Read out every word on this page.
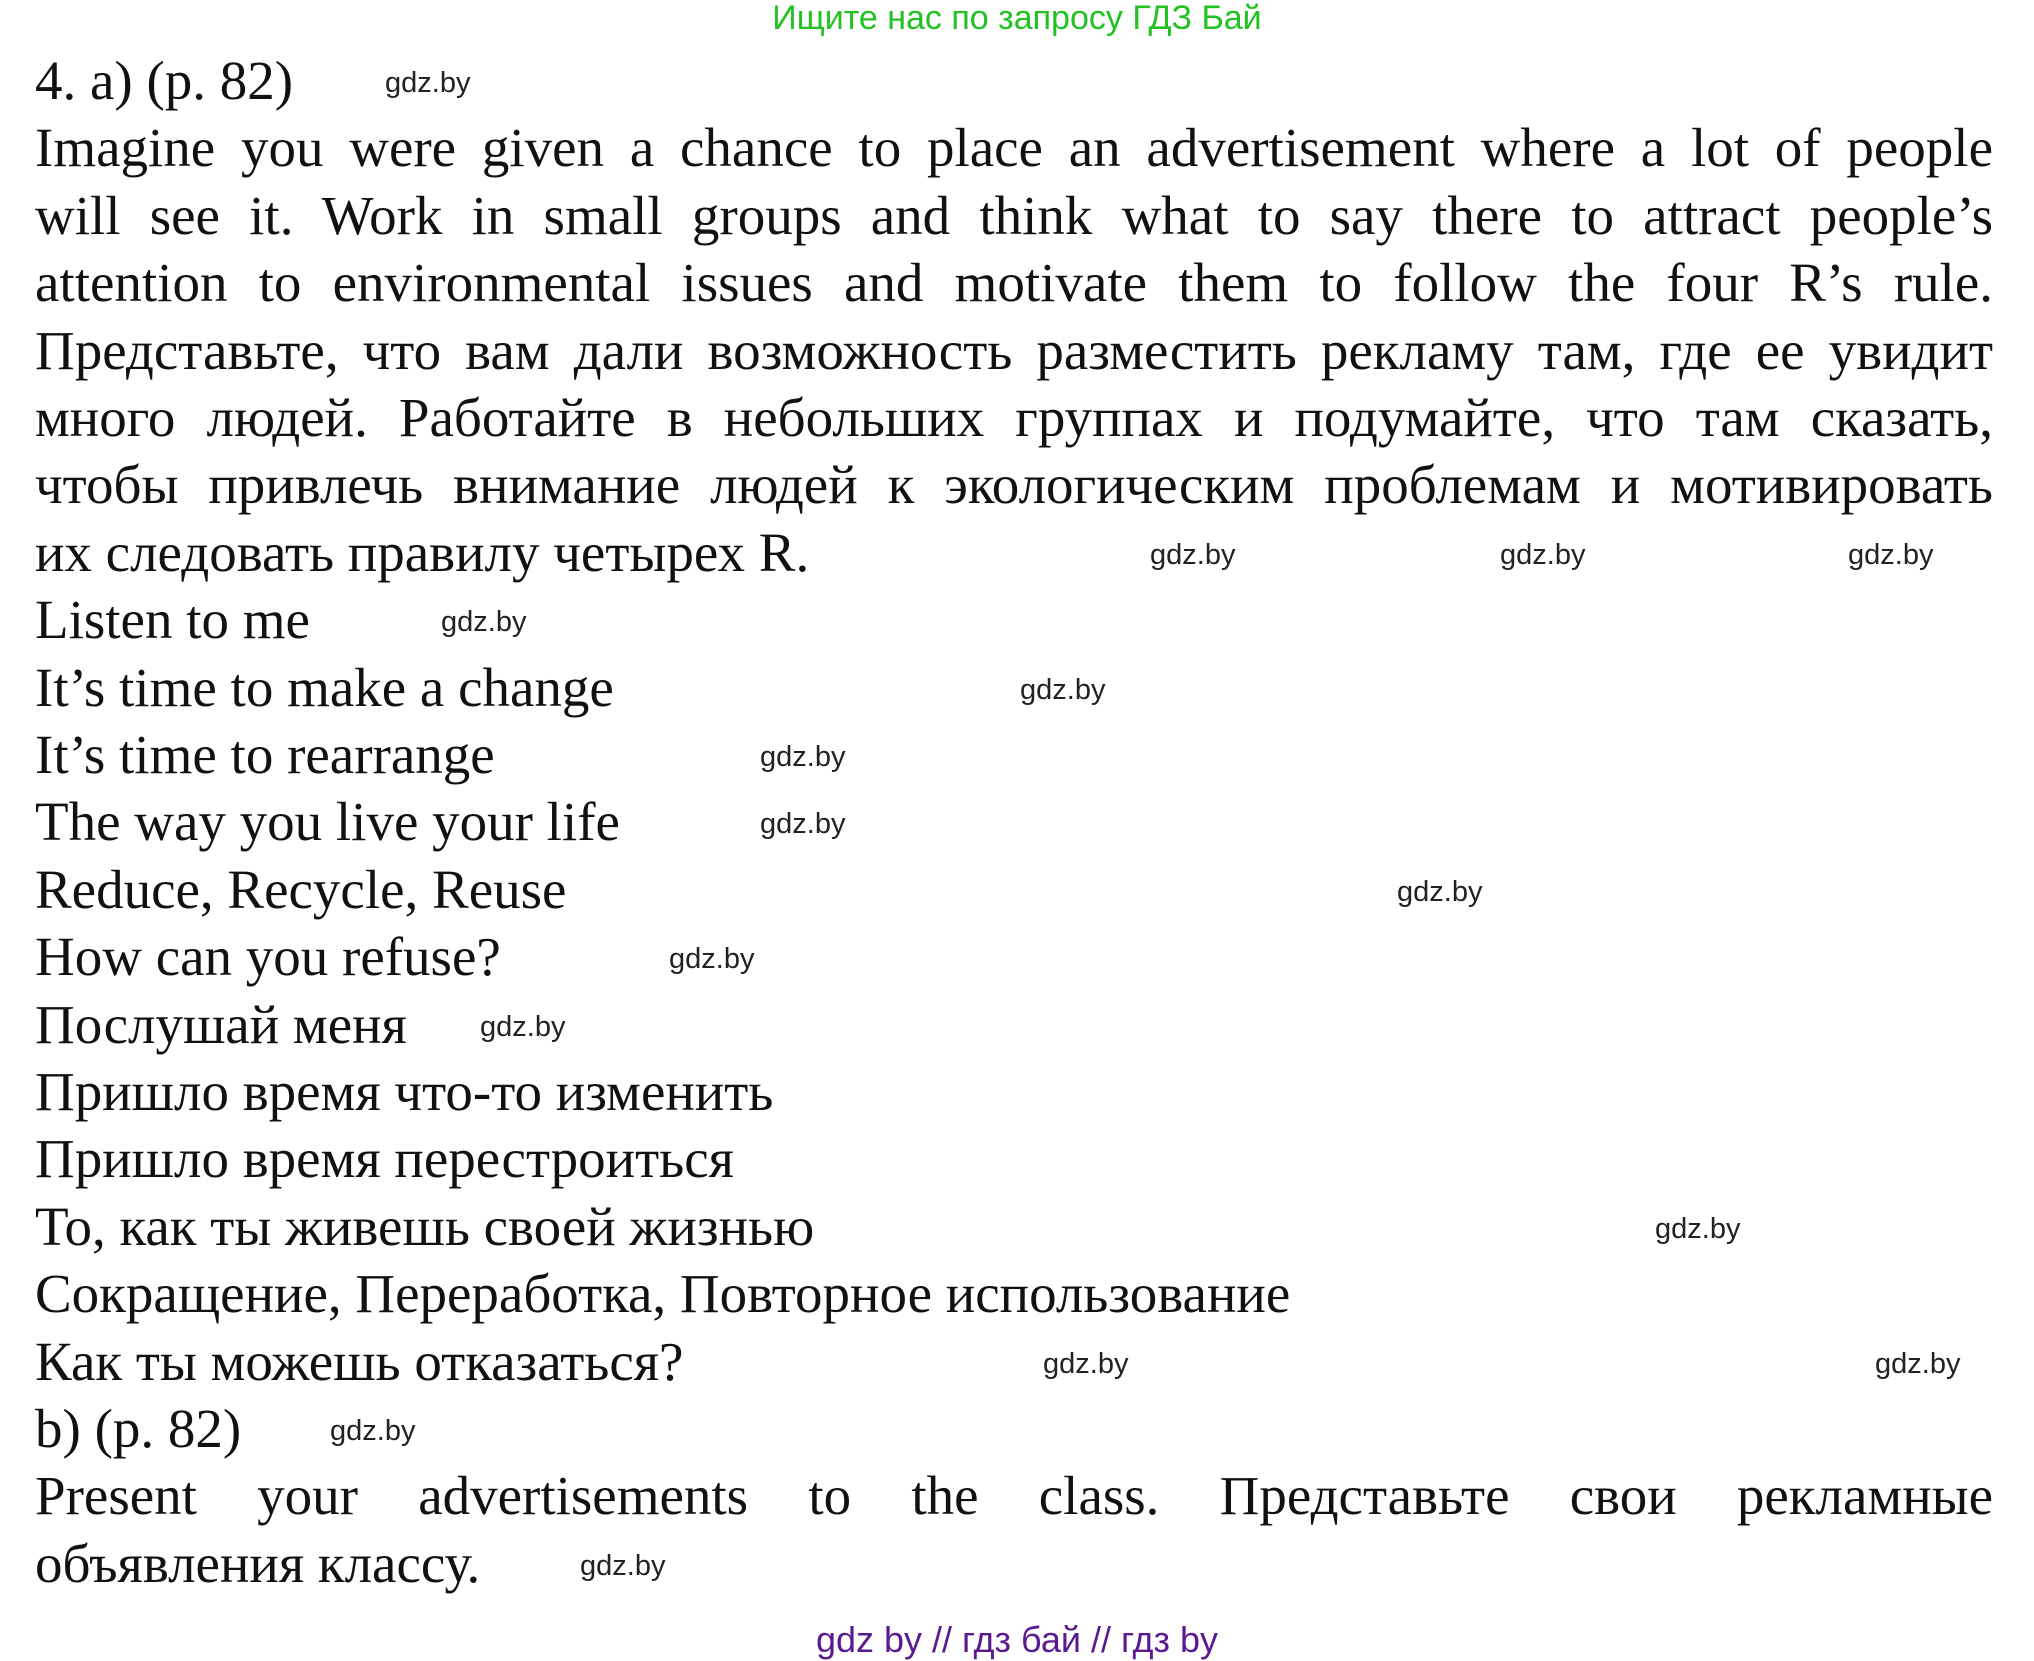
Ищите нас по запросу ГДЗ Бай
4. a) (p. 82)
Imagine you were given a chance to place an advertisement where a lot of people
will see it. Work in small groups and think what to say there to attract people’s
attention to environmental issues and motivate them to follow the four R’s rule.
Представьте, что вам дали возможность разместить рекламу там, где ее увидит
много людей. Работайте в небольших группах и подумайте, что там сказать,
чтобы привлечь внимание людей к экологическим проблемам и мотивировать
их следовать правилу четырех R.
Listen to me
It’s time to make a change
It’s time to rearrange
The way you live your life
Reduce, Recycle, Reuse
How can you refuse?
Послушай меня
Пришло время что-то изменить
Пришло время перестроиться
То, как ты живешь своей жизнью
Сокращение, Переработка, Повторное использование
Как ты можешь отказаться?
b) (p. 82)
Present your advertisements to the class. Представьте свои рекламные
объявления классу.
gdz.by
gdz.by	gdz.by	gdz.by
gdz.by
gdz.by
gdz.by
gdz.by
gdz.by
gdz.by
gdz.by
gdz.by
gdz.by	gdz.by
gdz.by
gdz.by
gdz by // гдз бай // гдз by
